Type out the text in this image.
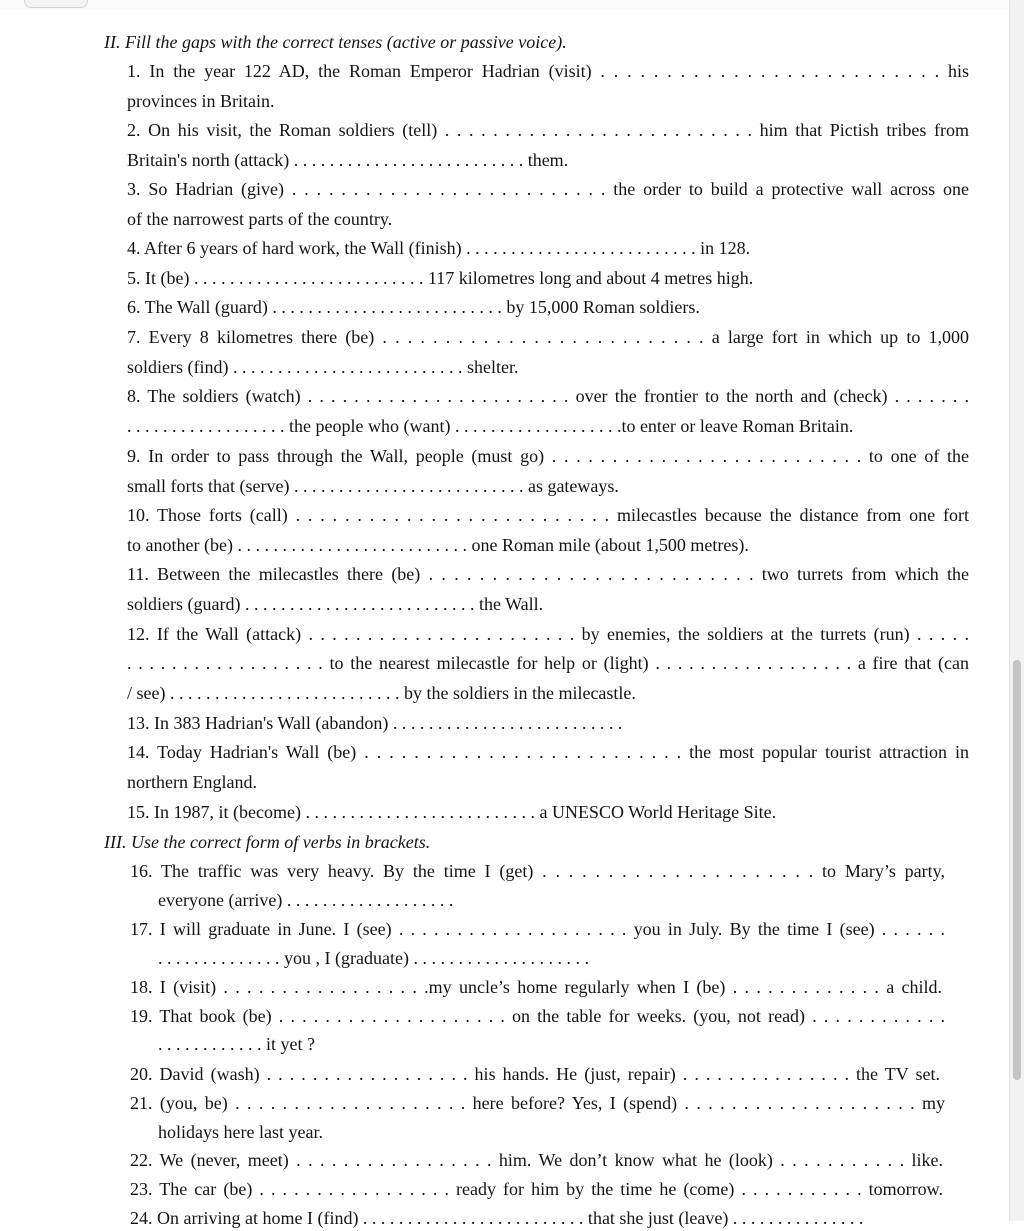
II. Fill the gaps with the correct tenses (active or passive voice).
1. In the year 122 AD, the Roman Emperor Hadrian (visit) . . . . . . . . . . . . . . . . . . . . . . . . . . his
provinces in Britain.
2. On his visit, the Roman soldiers (tell) . . . . . . . . . . . . . . . . . . . . . . . . . . him that Pictish tribes from
Britain's north (attack) . . . . . . . . . . . . . . . . . . . . . . . . . . them.
3. So Hadrian (give) . . . . . . . . . . . . . . . . . . . . . . . . . . the order to build a protective wall across one
of the narrowest parts of the country.
4. After 6 years of hard work, the Wall (finish) . . . . . . . . . . . . . . . . . . . . . . . . . . in 128.
5. It (be) . . . . . . . . . . . . . . . . . . . . . . . . . . 117 kilometres long and about 4 metres high.
6. The Wall (guard) . . . . . . . . . . . . . . . . . . . . . . . . . . by 15,000 Roman soldiers.
7. Every 8 kilometres there (be) . . . . . . . . . . . . . . . . . . . . . . . . . . a large fort in which up to 1,000
soldiers (find) . . . . . . . . . . . . . . . . . . . . . . . . . . shelter.
8. The soldiers (watch) . . . . . . . . . . . . . . . . . . . . . . . over the frontier to the north and (check) . . . . . . .
. . . . . . . . . . . . . . . . . . the people who (want) . . . . . . . . . . . . . . . . . . .to enter or leave Roman Britain.
9. In order to pass through the Wall, people (must go) . . . . . . . . . . . . . . . . . . . . . . . . . . to one of the
small forts that (serve) . . . . . . . . . . . . . . . . . . . . . . . . . . as gateways.
10. Those forts (call) . . . . . . . . . . . . . . . . . . . . . . . . . . milecastles because the distance from one fort
to another (be) . . . . . . . . . . . . . . . . . . . . . . . . . . one Roman mile (about 1,500 metres).
11. Between the milecastles there (be) . . . . . . . . . . . . . . . . . . . . . . . . . . two turrets from which the
soldiers (guard) . . . . . . . . . . . . . . . . . . . . . . . . . . the Wall.
12. If the Wall (attack) . . . . . . . . . . . . . . . . . . . . . . . by enemies, the soldiers at the turrets (run) . . . . .
. . . . . . . . . . . . . . . . . . to the nearest milecastle for help or (light) . . . . . . . . . . . . . . . . . . a fire that (can
/ see) . . . . . . . . . . . . . . . . . . . . . . . . . . by the soldiers in the milecastle.
13. In 383 Hadrian's Wall (abandon) . . . . . . . . . . . . . . . . . . . . . . . . . .
14. Today Hadrian's Wall (be) . . . . . . . . . . . . . . . . . . . . . . . . . . the most popular tourist attraction in
northern England.
15. In 1987, it (become) . . . . . . . . . . . . . . . . . . . . . . . . . . a UNESCO World Heritage Site.
III. Use the correct form of verbs in brackets.
16. The traffic was very heavy. By the time I (get) . . . . . . . . . . . . . . . . . . . . . to Mary’s party,
everyone (arrive) . . . . . . . . . . . . . . . . . . .
17. I will graduate in June. I (see) . . . . . . . . . . . . . . . . . . . . you in July. By the time I (see) . . . . . .
. . . . . . . . . . . . . . you , I (graduate) . . . . . . . . . . . . . . . . . . . .
18. I (visit) . . . . . . . . . . . . . . . . . .my uncle’s home regularly when I (be) . . . . . . . . . . . . . a child.
19. That book (be) . . . . . . . . . . . . . . . . . . . . on the table for weeks. (you, not read) . . . . . . . . . . . .
. . . . . . . . . . . . it yet ?
20. David (wash) . . . . . . . . . . . . . . . . . . his hands. He (just, repair) . . . . . . . . . . . . . . . the TV set.
21. (you, be) . . . . . . . . . . . . . . . . . . . . here before? Yes, I (spend) . . . . . . . . . . . . . . . . . . . . my
holidays here last year.
22. We (never, meet) . . . . . . . . . . . . . . . . . him. We don’t know what he (look) . . . . . . . . . . . like.
23. The car (be) . . . . . . . . . . . . . . . . . ready for him by the time he (come) . . . . . . . . . . . tomorrow.
24. On arriving at home I (find) . . . . . . . . . . . . . . . . . . . . . . . . . that she just (leave) . . . . . . . . . . . . . . .
